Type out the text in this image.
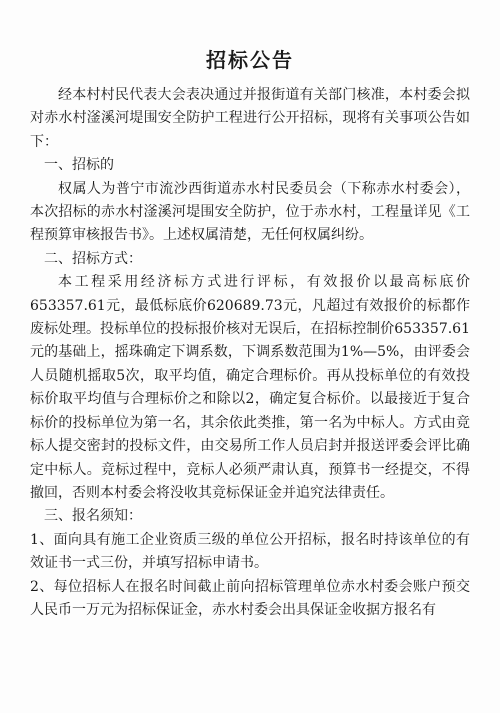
招标公告

经本村村民代表大会表决通过并报街道有关部门核准，本村委会拟对赤水村滏溪河堤围安全防护工程进行公开招标，现将有关事项公告如下：

一、招标的

权属人为普宁市流沙西街道赤水村民委员会（下称赤水村委会），本次招标的赤水村滏溪河堤围安全防护，位于赤水村，工程量详见《工程预算审核报告书》。上述权属清楚，无任何权属纠纷。

二、招标方式：

本工程采用经济标方式进行评标，有效报价以最高标底价653357.61元，最低标底价620689.73元，凡超过有效报价的标都作废标处理。投标单位的投标报价核对无误后，在招标控制价653357.61元的基础上，摇珠确定下调系数，下调系数范围为1%—5%，由评委会人员随机摇取5次，取平均值，确定合理标价。再从投标单位的有效投标价取平均值与合理标价之和除以2，确定复合标价。以最接近于复合标价的投标单位为第一名，其余依此类推，第一名为中标人。方式由竞标人提交密封的投标文件，由交易所工作人员启封并报送评委会评比确定中标人。竞标过程中，竞标人必须严肃认真，预算书一经提交，不得撤回，否则本村委会将没收其竞标保证金并追究法律责任。

三、报名须知：

1、面向具有施工企业资质三级的单位公开招标，报名时持该单位的有效证书一式三份，并填写招标申请书。

2、每位招标人在报名时间截止前向招标管理单位赤水村委会账户预交人民币一万元为招标保证金，赤水村委会出具保证金收据方报名有
